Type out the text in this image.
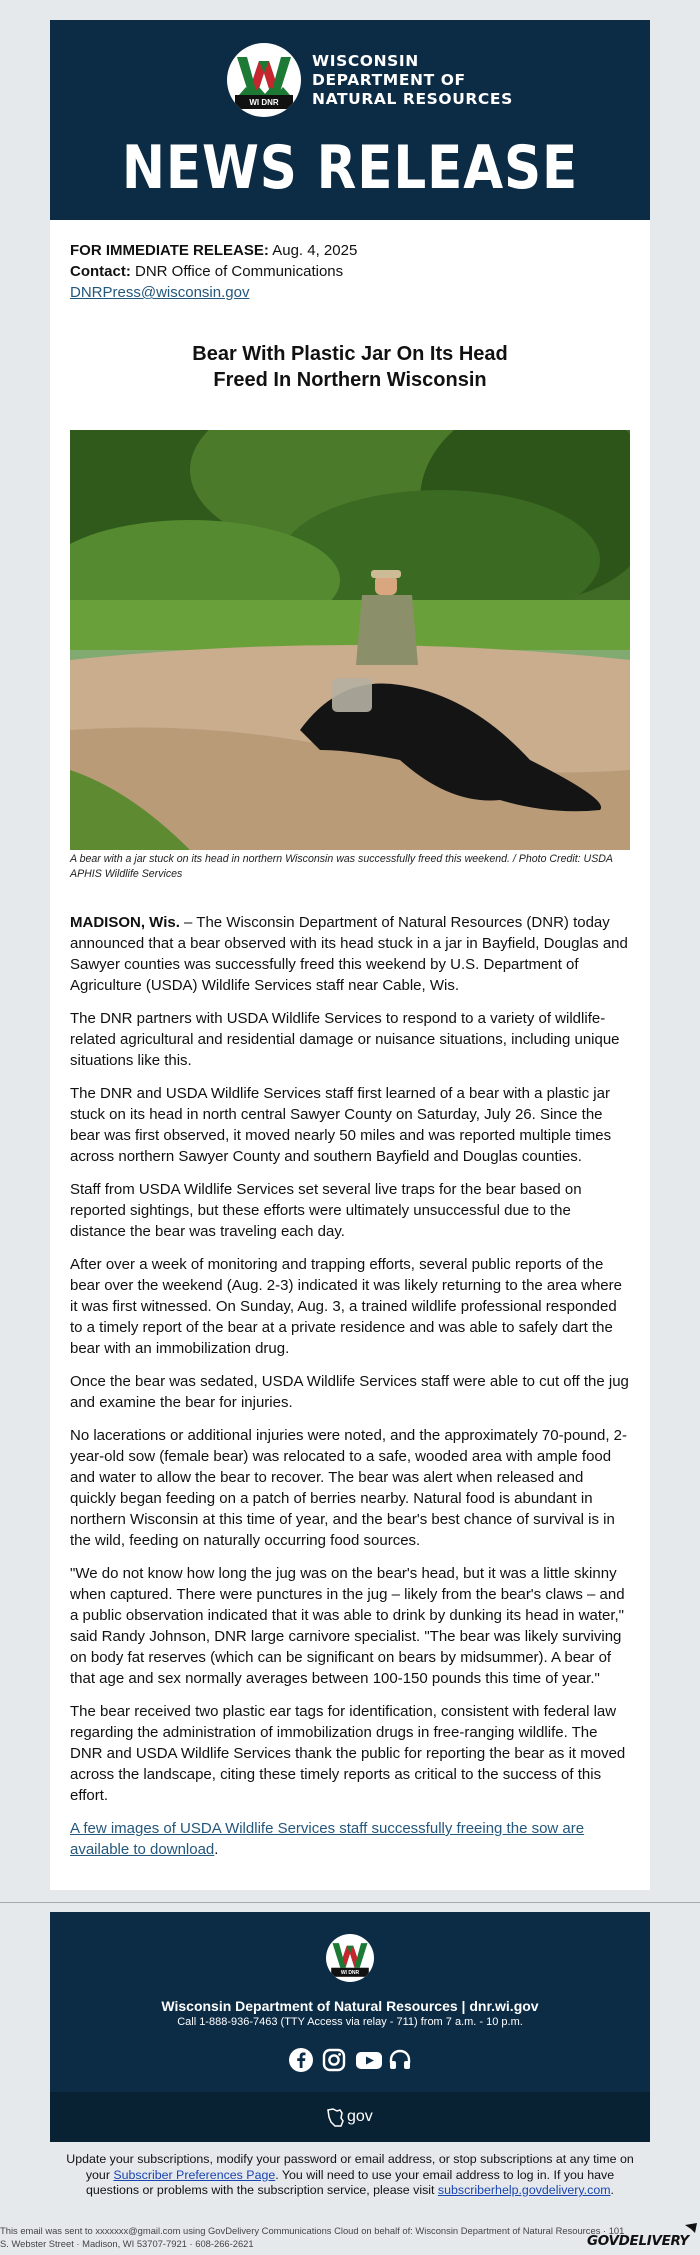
WI DNR
WISCONSIN
DEPARTMENT OF
NATURAL RESOURCES
NEWS RELEASE
FOR IMMEDIATE RELEASE: Aug. 4, 2025
Contact: DNR Office of Communications
DNRPress@wisconsin.gov
Bear With Plastic Jar On Its Head
Freed In Northern Wisconsin
A bear with a jar stuck on its head in northern Wisconsin was successfully freed this weekend. / Photo Credit: USDA APHIS Wildlife Services

MADISON, Wis. – The Wisconsin Department of Natural Resources (DNR) today announced that a bear observed with its head stuck in a jar in Bayfield, Douglas and Sawyer counties was successfully freed this weekend by U.S. Department of Agriculture (USDA) Wildlife Services staff near Cable, Wis.

The DNR partners with USDA Wildlife Services to respond to a variety of wildlife-related agricultural and residential damage or nuisance situations, including unique situations like this.

The DNR and USDA Wildlife Services staff first learned of a bear with a plastic jar stuck on its head in north central Sawyer County on Saturday, July 26. Since the bear was first observed, it moved nearly 50 miles and was reported multiple times across northern Sawyer County and southern Bayfield and Douglas counties.

Staff from USDA Wildlife Services set several live traps for the bear based on reported sightings, but these efforts were ultimately unsuccessful due to the distance the bear was traveling each day.

After over a week of monitoring and trapping efforts, several public reports of the bear over the weekend (Aug. 2-3) indicated it was likely returning to the area where it was first witnessed. On Sunday, Aug. 3, a trained wildlife professional responded to a timely report of the bear at a private residence and was able to safely dart the bear with an immobilization drug.

Once the bear was sedated, USDA Wildlife Services staff were able to cut off the jug and examine the bear for injuries.

No lacerations or additional injuries were noted, and the approximately 70-pound, 2-year-old sow (female bear) was relocated to a safe, wooded area with ample food and water to allow the bear to recover. The bear was alert when released and quickly began feeding on a patch of berries nearby. Natural food is abundant in northern Wisconsin at this time of year, and the bear's best chance of survival is in the wild, feeding on naturally occurring food sources.

"We do not know how long the jug was on the bear's head, but it was a little skinny when captured. There were punctures in the jug – likely from the bear's claws – and a public observation indicated that it was able to drink by dunking its head in water," said Randy Johnson, DNR large carnivore specialist. "The bear was likely surviving on body fat reserves (which can be significant on bears by midsummer). A bear of that age and sex normally averages between 100-150 pounds this time of year."

The bear received two plastic ear tags for identification, consistent with federal law regarding the administration of immobilization drugs in free-ranging wildlife. The DNR and USDA Wildlife Services thank the public for reporting the bear as it moved across the landscape, citing these timely reports as critical to the success of this effort.

A few images of USDA Wildlife Services staff successfully freeing the sow are available to download.

WI DNR
Wisconsin Department of Natural Resources | dnr.wi.gov
Call 1-888-936-7463 (TTY Access via relay - 711) from 7 a.m. - 10 p.m.
gov
Update your subscriptions, modify your password or email address, or stop subscriptions at any time on your Subscriber Preferences Page. You will need to use your email address to log in. If you have questions or problems with the subscription service, please visit subscriberhelp.govdelivery.com.
This email was sent to xxxxxxx@gmail.com using GovDelivery Communications Cloud on behalf of: Wisconsin Department of Natural Resources · 101 S. Webster Street · Madison, WI 53707-7921 · 608-266-2621	GOVDELIVERY
